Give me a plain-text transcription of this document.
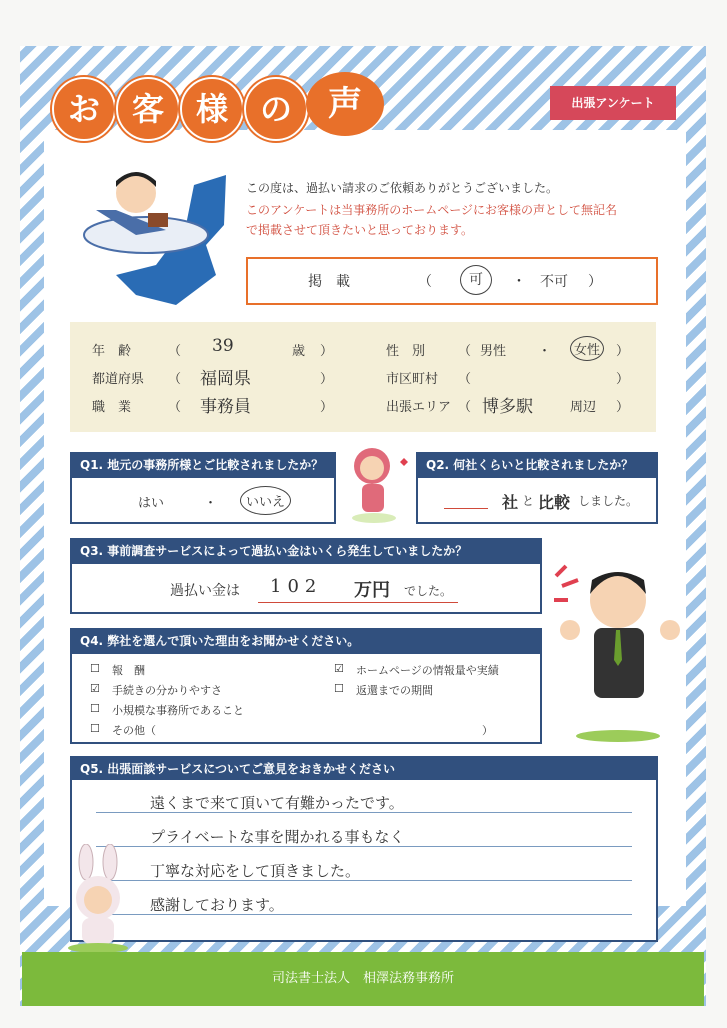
お 客 様 の	声	出張アンケート
この度は、過払い請求のご依頼ありがとうございました。
このアンケートは当事務所のホームページにお客様の声として無記名
で掲載させて頂きたいと思っております。
掲　載	（	可	・ 不可 ）
年　齢	（ 39	歳 ）	性　別	（ 男性 ・	女性	）
都道府県 （ 福岡県	）	市区町村 （	）
職　業	（ 事務員	）	出張エリア （ 博多駅	周辺 ）
Q1. 地元の事務所様とご比較されましたか？
はい	・	いいえ
Q2. 何社くらいと比較されましたか？
社 と 比較 しました。
Q3. 事前調査サービスによって過払い金はいくら発生していましたか？
過払い金は 102 万円 でした。
Q4. 弊社を選んで頂いた理由をお聞かせください。
☐ 報　酬
☑ 手続きの分かりやすさ
☐ 小規模な事務所であること
☐ その他（	）
☑ ホームページの情報量や実績
☐ 返還までの期間
Q5. 出張面談サービスについてご意見をおきかせください
遠くまで来て頂いて有難かったです。
プライベートな事を聞かれる事もなく
丁寧な対応をして頂きました。
感謝しております。
司法書士法人　相澤法務事務所
